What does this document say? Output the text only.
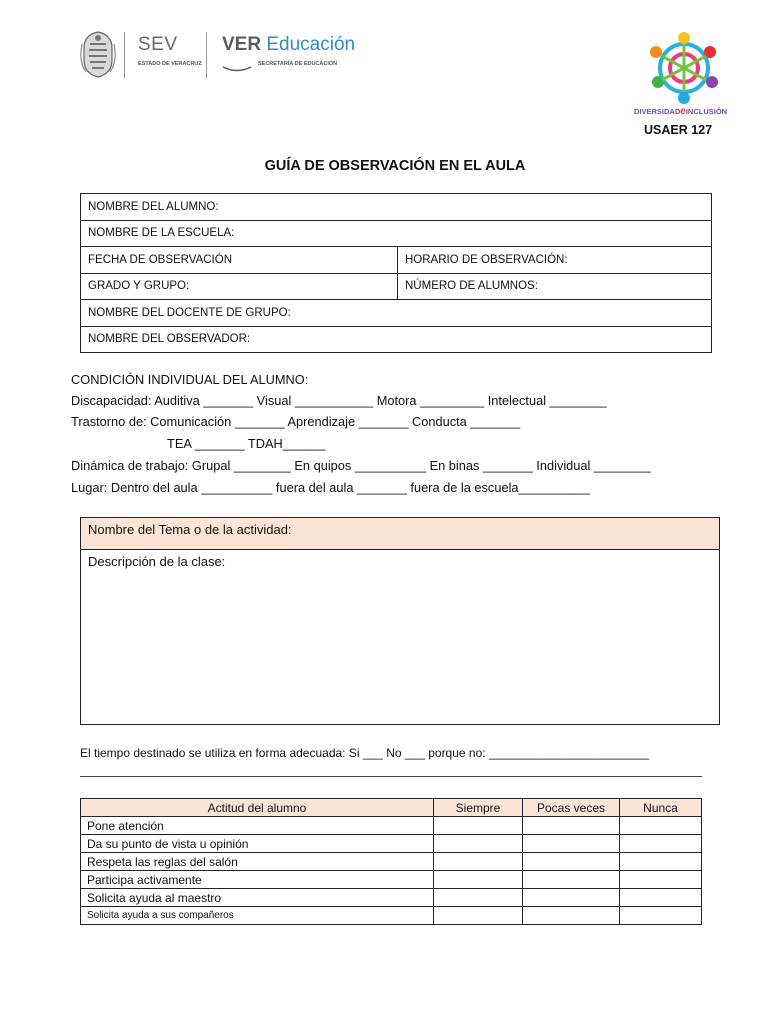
SEV
ESTADO DE VERACRUZ
VER Educación
SECRETARÍA DE EDUCACIÓN
DIVERSIDADeINCLUSIÓN
USAER 127
GUÍA DE OBSERVACIÓN EN EL AULA
NOMBRE DEL ALUMNO:	
NOMBRE DE LA ESCUELA:	
FECHA DE OBSERVACIÓN	HORARIO DE OBSERVACIÓN:
GRADO Y GRUPO:	NÚMERO DE ALUMNOS:
NOMBRE DEL DOCENTE DE GRUPO:	
NOMBRE DEL OBSERVADOR:	
CONDICIÓN INDIVIDUAL DEL ALUMNO:
Discapacidad: Auditiva _______ Visual ___________ Motora _________ Intelectual ________
Trastorno de: Comunicación _______ Aprendizaje _______ Conducta _______
TEA _______ TDAH______
Dinámica de trabajo: Grupal ________ En quipos __________ En binas _______ Individual ________
Lugar: Dentro del aula __________ fuera del aula _______ fuera de la escuela__________
Nombre del Tema o de la actividad:
Descripción de la clase:
El tiempo destinado se utiliza en forma adecuada: Si ___ No ___ porque no: ________________________
Actitud del alumno	Siempre	Pocas veces	Nunca
Pone atención			
Da su punto de vista u opinión			
Respeta las reglas del salón			
Participa activamente			
Solicita ayuda al maestro			
Solicita ayuda a sus compañeros			
